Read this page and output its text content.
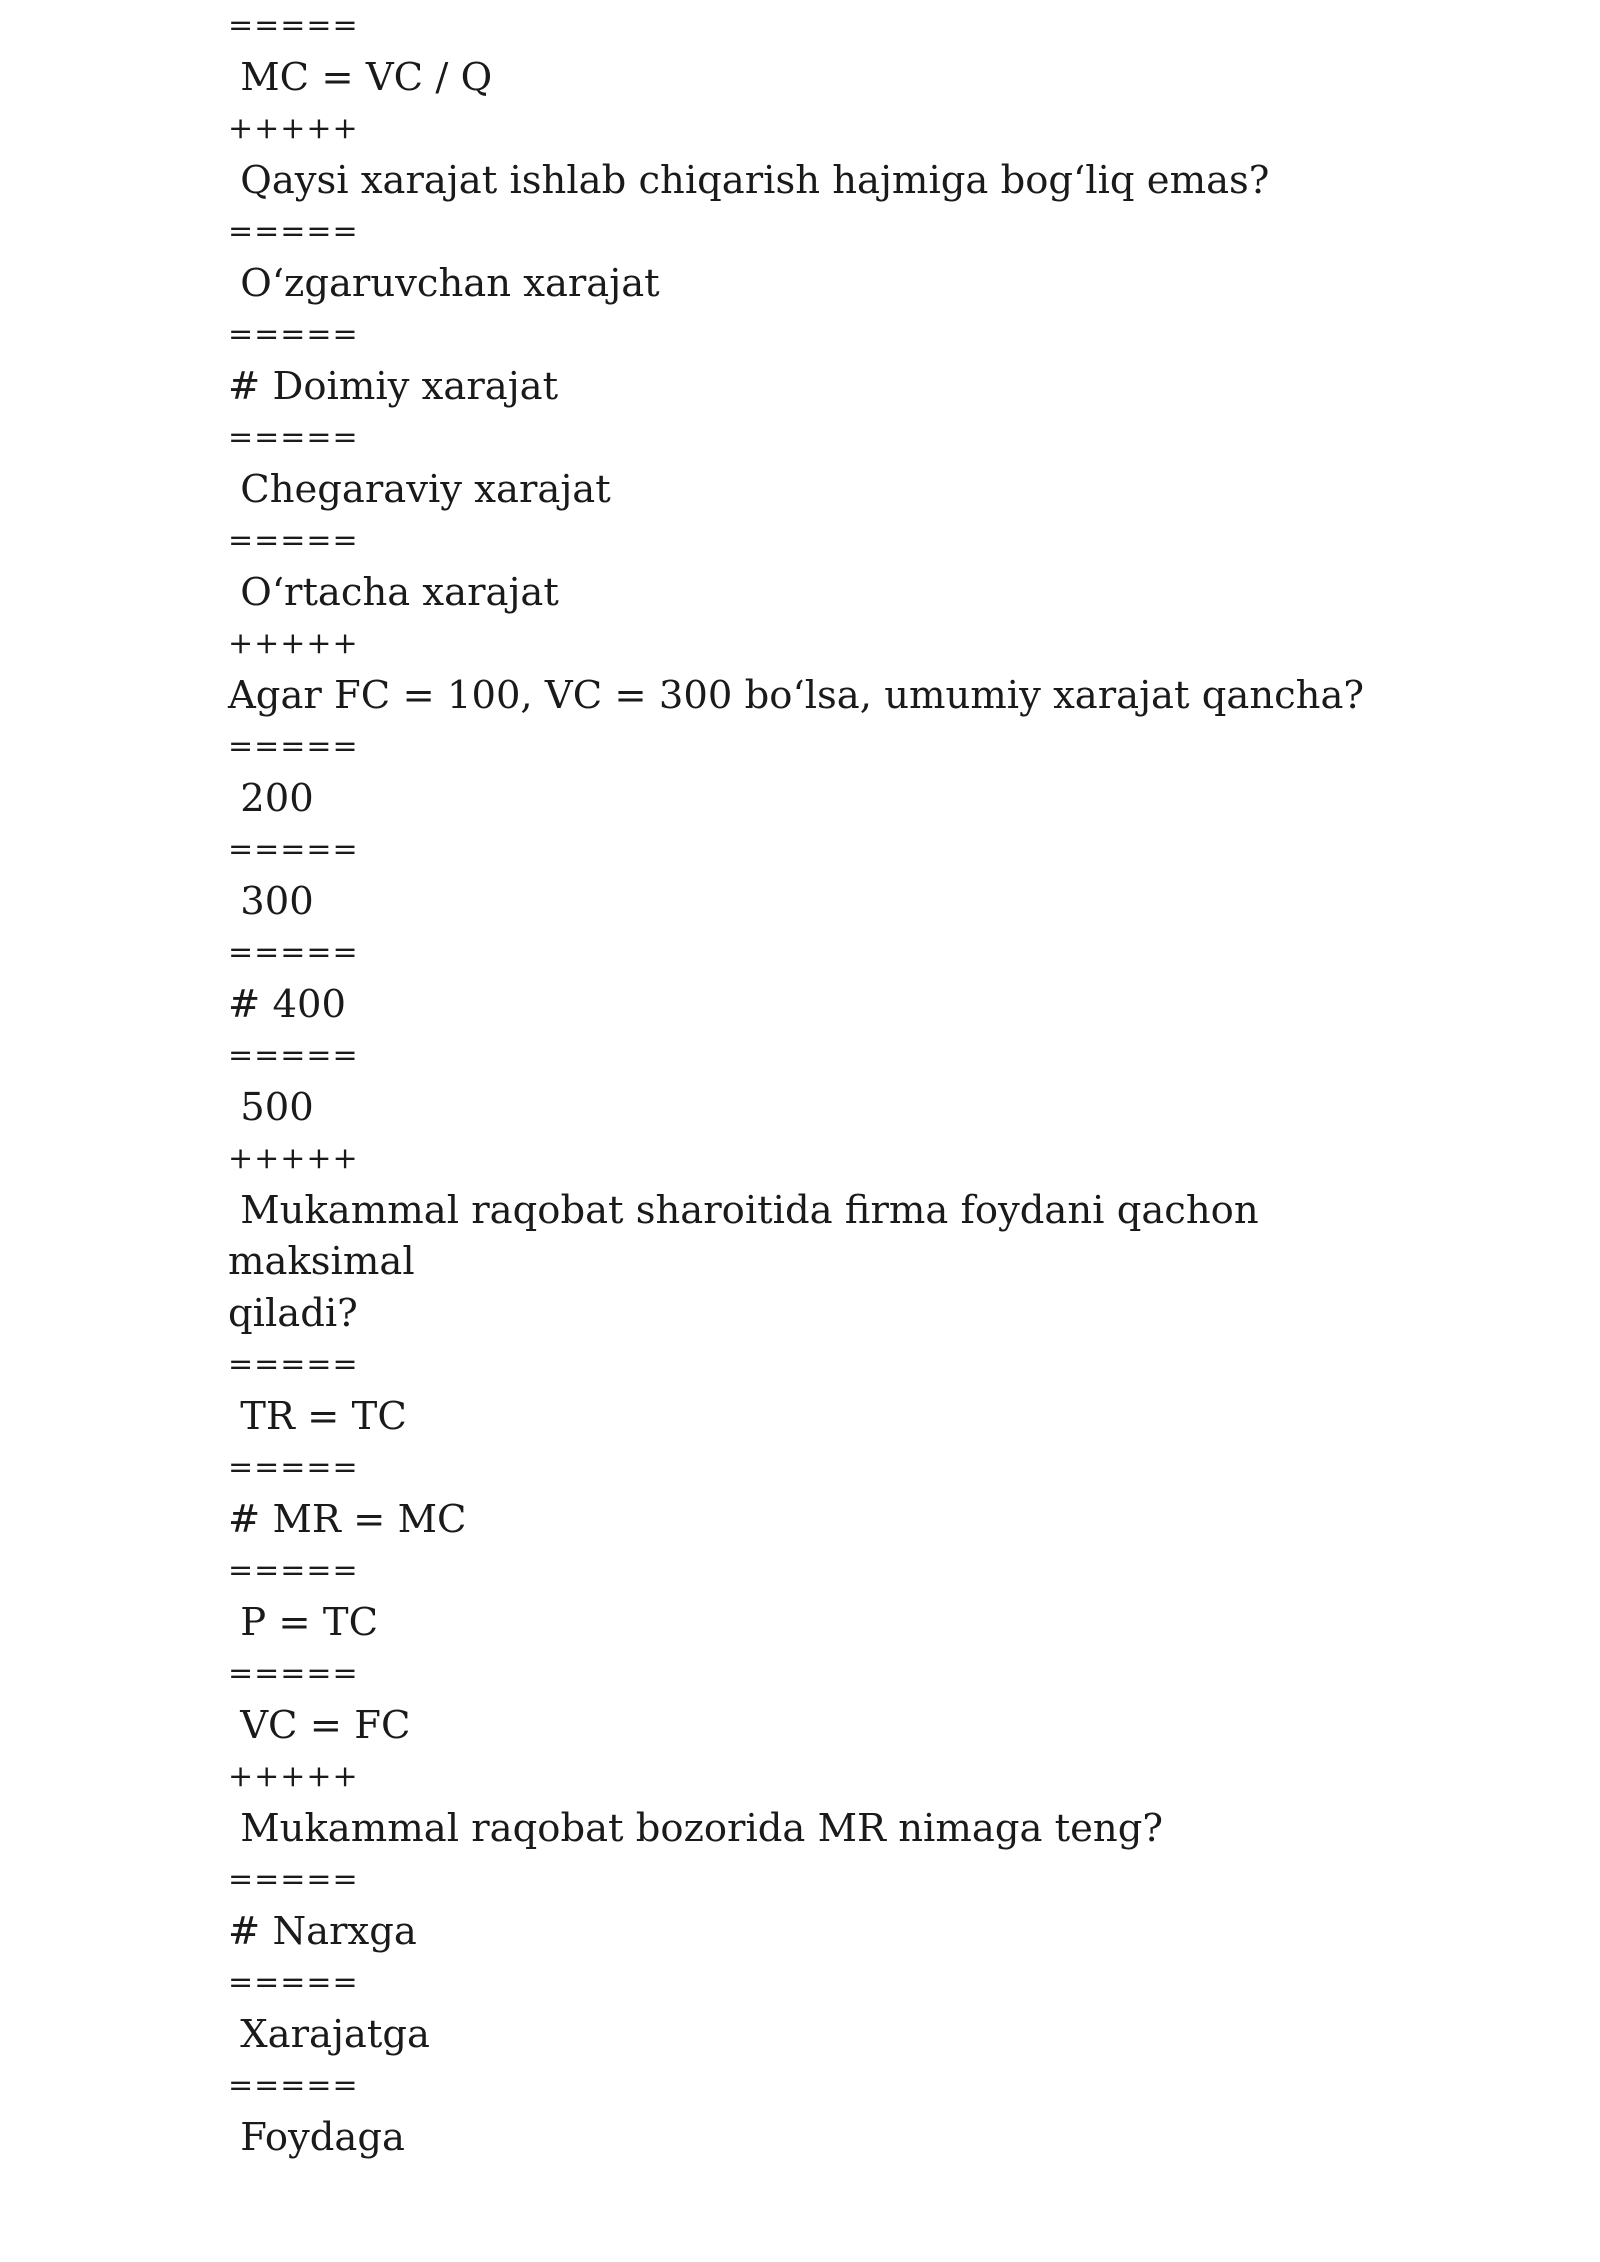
=====
MC = VC / Q
+++++
Qaysi xarajat ishlab chiqarish hajmiga bog‘liq emas?
=====
O‘zgaruvchan xarajat
=====
# Doimiy xarajat
=====
Chegaraviy xarajat
=====
O‘rtacha xarajat
+++++
Agar FC = 100, VC = 300 bo‘lsa, umumiy xarajat qancha?
=====
200
=====
300
=====
# 400
=====
500
+++++
Mukammal raqobat sharoitida firma foydani qachon maksimal
qiladi?
=====
TR = TC
=====
# MR = MC
=====
P = TC
=====
VC = FC
+++++
Mukammal raqobat bozorida MR nimaga teng?
=====
# Narxga
=====
Xarajatga
=====
Foydaga
